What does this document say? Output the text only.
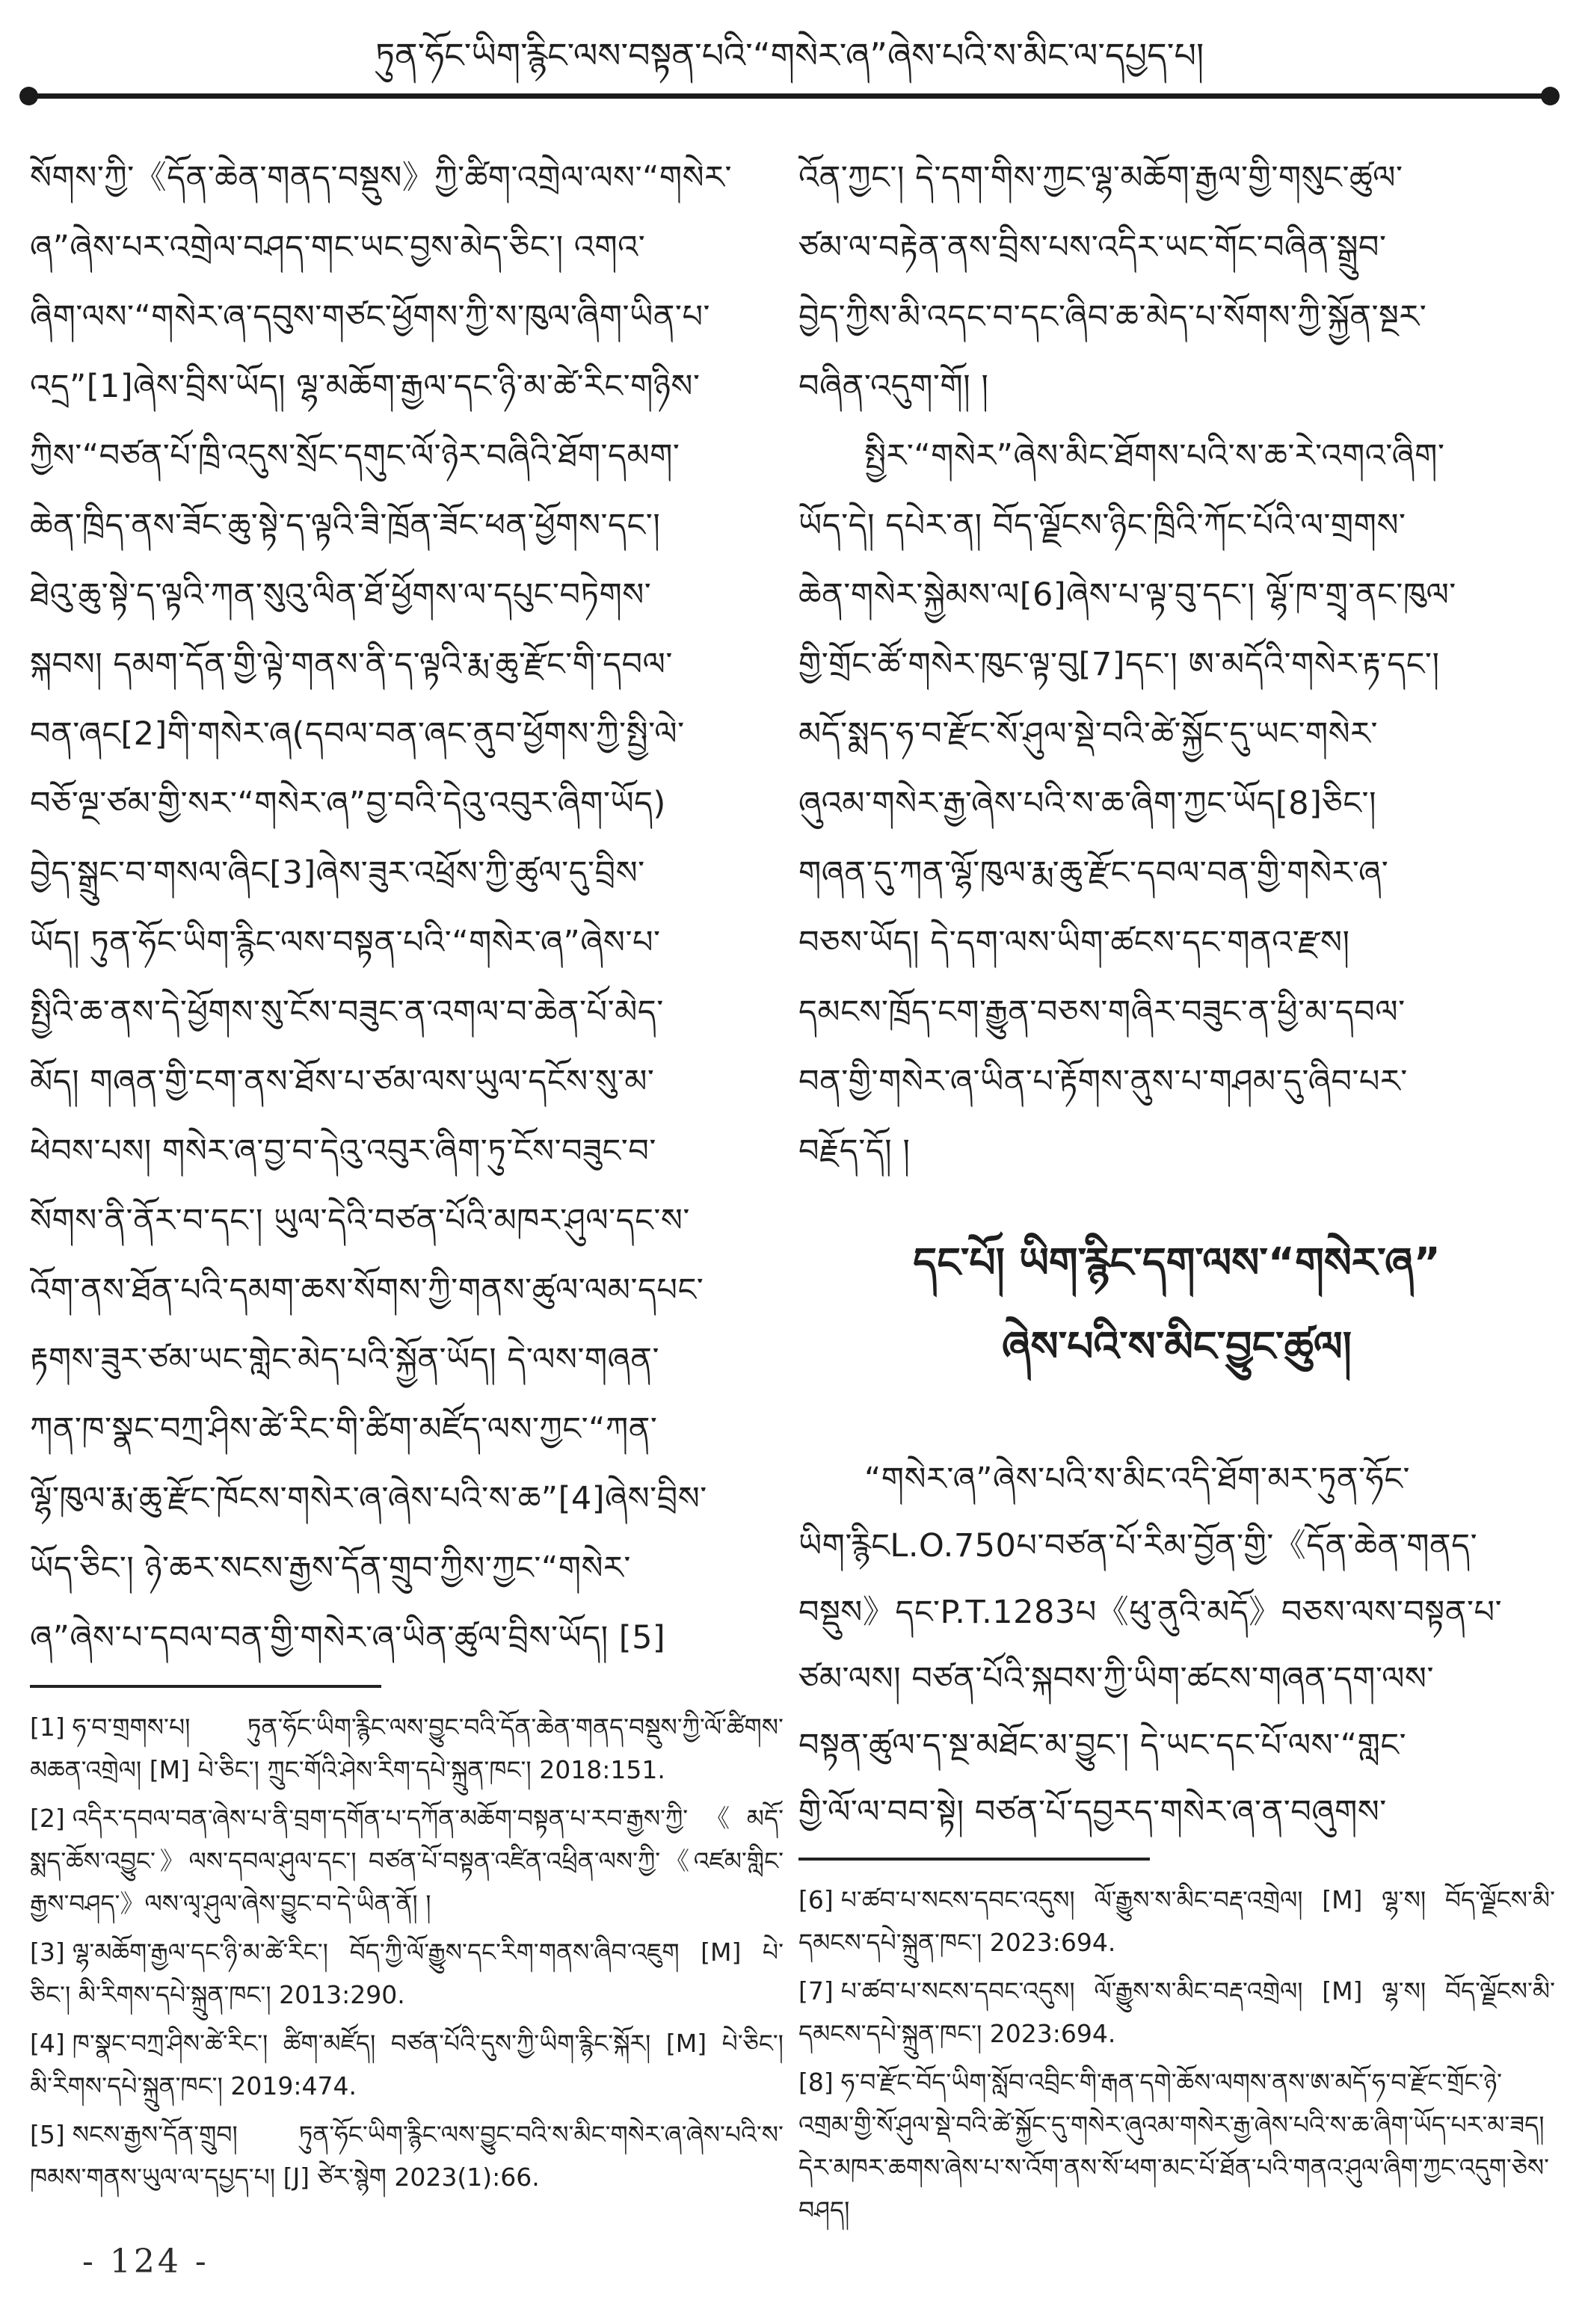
ཏུན་ཧོང་ཡིག་རྙིང་ལས་བསྟན་པའི་“གསེར་ཞ”ཞེས་པའི་ས་མིང་ལ་དཔྱད་པ།
སོགས་ཀྱི་《དོན་ཆེན་གནད་བསྡུས》ཀྱི་ཚིག་འགྲེལ་ལས་“གསེར་
ཞ”ཞེས་པར་འགྲེལ་བཤད་གང་ཡང་བྱས་མེད་ཅིང་། འགའ་
ཞིག་ལས་“གསེར་ཞ་དབུས་གཙང་ཕྱོགས་ཀྱི་ས་ཁུལ་ཞིག་ཡིན་པ་
འདྲ”[1]ཞེས་བྲིས་ཡོད། ལྷ་མཆོག་རྒྱལ་དང་ཉི་མ་ཚེ་རིང་གཉིས་
ཀྱིས་“བཙན་པོ་ཁྲི་འདུས་སྲོང་དགུང་ལོ་ཉེར་བཞིའི་ཐོག་དམག་
ཆེན་ཁྲིད་ནས་ཟོང་ཆུ་སྟེ་ད་ལྟའི་ཟི་ཁྲོན་ཟོང་ཕན་ཕྱོགས་དང་།
ཐེའུ་ཆུ་སྟེ་ད་ལྟའི་ཀན་སུའུ་ལིན་ཐོ་ཕྱོགས་ལ་དཔུང་བཏེགས་
སྐབས། དམག་དོན་གྱི་ལྟེ་གནས་ནི་ད་ལྟའི་རྨ་ཆུ་རྫོང་གི་དབལ་
བན་ཞང[2]གི་གསེར་ཞ(དབལ་བན་ཞང་ནུབ་ཕྱོགས་ཀྱི་སྤྱི་ལེ་
བཅོ་ལྔ་ཙམ་གྱི་སར་“གསེར་ཞ”བྱ་བའི་དེའུ་འབུར་ཞིག་ཡོད)
བྱེད་སྒྲུང་བ་གསལ་ཞིང[3]ཞེས་ཟུར་འཕྲོས་ཀྱི་ཚུལ་དུ་བྲིས་
ཡོད། ཏུན་ཧོང་ཡིག་རྙིང་ལས་བསྟན་པའི་“གསེར་ཞ”ཞེས་པ་
སྤྱིའི་ཆ་ནས་དེ་ཕྱོགས་སུ་ངོས་བཟུང་ན་འགལ་བ་ཆེན་པོ་མེད་
མོད། གཞན་གྱི་ངག་ནས་ཐོས་པ་ཙམ་ལས་ཡུལ་དངོས་སུ་མ་
ཕེབས་པས། གསེར་ཞ་བྱ་བ་དེའུ་འབུར་ཞིག་ཏུ་ངོས་བཟུང་བ་
སོགས་ནི་ནོར་བ་དང་། ཡུལ་དེའི་བཙན་པོའི་མཁར་ཤུལ་དང་ས་
འོག་ནས་ཐོན་པའི་དམག་ཆས་སོགས་ཀྱི་གནས་ཚུལ་ལམ་དཔང་
རྟགས་ཟུར་ཙམ་ཡང་གླེང་མེད་པའི་སྐྱོན་ཡོད། དེ་ལས་གཞན་
ཀན་ཁ་སྣང་བཀྲ་ཤིས་ཚེ་རིང་གི་ཚིག་མཛོད་ལས་ཀྱང་“ཀན་
ལྷོ་ཁུལ་རྨ་ཆུ་རྫོང་ཁོངས་གསེར་ཞ་ཞེས་པའི་ས་ཆ”[4]ཞེས་བྲིས་
ཡོད་ཅིང་། ཉེ་ཆར་སངས་རྒྱས་དོན་གྲུབ་ཀྱིས་ཀྱང་“གསེར་
ཞ”ཞེས་པ་དབལ་བན་གྱི་གསེར་ཞ་ཡིན་ཚུལ་བྲིས་ཡོད། [5]
[1] ཧ་བ་གྲགས་པ། ཏུན་ཧོང་ཡིག་རྙིང་ལས་བྱུང་བའི་དོན་ཆེན་གནད་བསྡུས་ཀྱི་ལོ་ཚིགས་མཆན་འགྲེལ། [M] པེ་ཅིང་། ཀྲུང་གོའི་ཤེས་རིག་དཔེ་སྐྲུན་ཁང་། 2018:151.
[2] འདིར་དབལ་བན་ཞེས་པ་ནི་བྲག་དགོན་པ་དཀོན་མཆོག་བསྟན་པ་རབ་རྒྱས་ཀྱི་《མདོ་སྨད་ཆོས་འབྱུང་》ལས་དབལ་ཤུལ་དང་། བཙན་པོ་བསྟན་འཛིན་འཕྲིན་ལས་ཀྱི་《འཛམ་གླིང་རྒྱས་བཤད་》ལས་ལྭ་ཤུལ་ཞེས་བྱུང་བ་དེ་ཡིན་ནོ། །
[3] ལྷ་མཆོག་རྒྱལ་དང་ཉི་མ་ཚེ་རིང་། བོད་ཀྱི་ལོ་རྒྱུས་དང་རིག་གནས་ཞིབ་འཇུག [M] པེ་ཅིང་། མི་རིགས་དཔེ་སྐྲུན་ཁང་། 2013:290.
[4] ཁ་སྣང་བཀྲ་ཤིས་ཚེ་རིང་། ཚིག་མཛོད། བཙན་པོའི་དུས་ཀྱི་ཡིག་རྙིང་སྐོར། [M] པེ་ཅིང་། མི་རིགས་དཔེ་སྐྲུན་ཁང་། 2019:474.
[5] སངས་རྒྱས་དོན་གྲུབ། ཏུན་ཧོང་ཡིག་རྙིང་ལས་བྱུང་བའི་ས་མིང་གསེར་ཞ་ཞེས་པའི་ས་ཁམས་གནས་ཡུལ་ལ་དཔྱད་པ། [J] ཙེར་སྙེག 2023(1):66.
འོན་ཀྱང་། དེ་དག་གིས་ཀྱང་ལྷ་མཆོག་རྒྱལ་གྱི་གསུང་ཚུལ་
ཙམ་ལ་བརྟེན་ནས་བྲིས་པས་འདིར་ཡང་གོང་བཞིན་སྒྲུབ་
བྱེད་ཀྱིས་མི་འདང་བ་དང་ཞིབ་ཆ་མེད་པ་སོགས་ཀྱི་སྐྱོན་སྔར་
བཞིན་འདུག་གོ། །
སྤྱིར་“གསེར”ཞེས་མིང་ཐོགས་པའི་ས་ཆ་རེ་འགའ་ཞིག་
ཡོད་དེ། དཔེར་ན། བོད་ལྗོངས་ཉིང་ཁྲིའི་ཀོང་པོའི་ལ་གྲགས་
ཆེན་གསེར་སྐྱེམས་ལ[6]ཞེས་པ་ལྟ་བུ་དང་། ལྷོ་ཁ་གྲྭ་ནང་ཁུལ་
གྱི་གྲོང་ཚོ་གསེར་ཁུང་ལྟ་བུ[7]དང་། ཨ་མདོའི་གསེར་རྟ་དང་།
མདོ་སྨད་ཧ་བ་རྫོང་སོ་ཤུལ་སྡེ་བའི་ཚེ་སྐྱོང་དུ་ཡང་གསེར་
ཞུའམ་གསེར་རྒྱ་ཞེས་པའི་ས་ཆ་ཞིག་ཀྱང་ཡོད[8]ཅིང་།
གཞན་དུ་ཀན་ལྷོ་ཁུལ་རྨ་ཆུ་རྫོང་དབལ་བན་གྱི་གསེར་ཞ་
བཅས་ཡོད། དེ་དག་ལས་ཡིག་ཚངས་དང་གནའ་རྫས།
དམངས་ཁྲོད་ངག་རྒྱུན་བཅས་གཞིར་བཟུང་ན་ཕྱི་མ་དབལ་
བན་གྱི་གསེར་ཞ་ཡིན་པ་རྟོགས་ནུས་པ་གཤམ་དུ་ཞིབ་པར་
བརྗོད་དོ། །
དང་པོ། ཡིག་རྙིང་དག་ལས་“གསེར་ཞ”
ཞེས་པའི་ས་མིང་བྱུང་ཚུལ།
“གསེར་ཞ”ཞེས་པའི་ས་མིང་འདི་ཐོག་མར་ཏུན་ཧོང་
ཡིག་རྙིངL.O.750པ་བཙན་པོ་རིམ་བྱོན་གྱི་《དོན་ཆེན་གནད་
བསྡུས》དང་P.T.1283པ《ཕུ་ནུའི་མདོ》བཅས་ལས་བསྟན་པ་
ཙམ་ལས། བཙན་པོའི་སྐབས་ཀྱི་ཡིག་ཚངས་གཞན་དག་ལས་
བསྟན་ཚུལ་ད་སྔ་མཐོང་མ་བྱུང་། དེ་ཡང་དང་པོ་ལས་“གླང་
གྱི་ལོ་ལ་བབ་སྟེ། བཙན་པོ་དབྱརད་གསེར་ཞ་ན་བཞུགས་
[6] པ་ཚབ་པ་སངས་དབང་འདུས། ལོ་རྒྱུས་ས་མིང་བརྡ་འགྲེལ། [M] ལྷ་ས། བོད་ལྗོངས་མི་དམངས་དཔེ་སྐྲུན་ཁང་། 2023:694.
[7] པ་ཚབ་པ་སངས་དབང་འདུས། ལོ་རྒྱུས་ས་མིང་བརྡ་འགྲེལ། [M] ལྷ་ས། བོད་ལྗོངས་མི་དམངས་དཔེ་སྐྲུན་ཁང་། 2023:694.
[8] ཧ་བ་རྫོང་བོད་ཡིག་སློབ་འབྲིང་གི་རྒན་དགེ་ཆོས་ལགས་ནས་ཨ་མདོ་ཧ་བ་རྫོང་གྲོང་ཉེ་འགྲམ་གྱི་སོ་ཤུལ་སྡེ་བའི་ཚེ་སྐྱོང་དུ་གསེར་ཞུའམ་གསེར་རྒྱ་ཞེས་པའི་ས་ཆ་ཞིག་ཡོད་པར་མ་ཟད། དེར་མཁར་ཆགས་ཞེས་པ་ས་འོག་ནས་སོ་ཕག་མང་པོ་ཐོན་པའི་གནའ་ཤུལ་ཞིག་ཀྱང་འདུག་ཅེས་བཤད།
- 124 -
